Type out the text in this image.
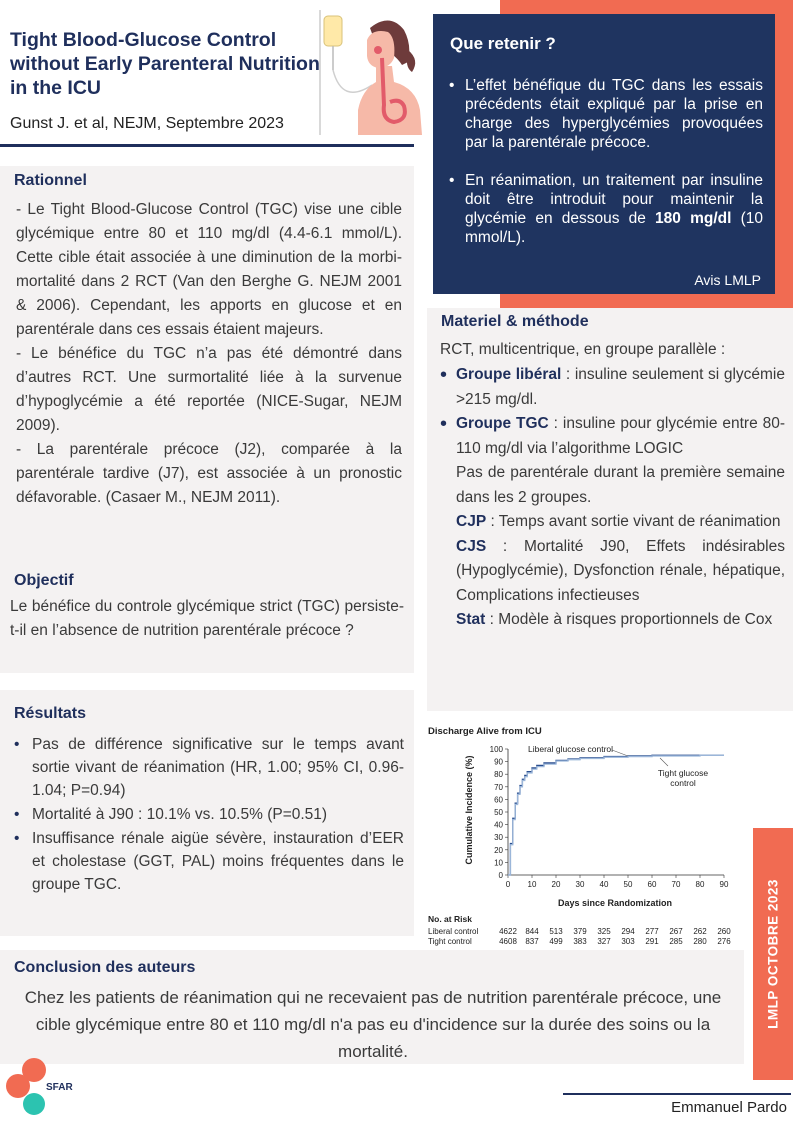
Tight Blood-Glucose Control without Early Parenteral Nutrition in the ICU
Gunst J. et al, NEJM, Septembre 2023
Que retenir ?
• L’effet bénéfique du TGC dans les essais précédents était expliqué par la prise en charge des hyperglycémies provoquées par la parentérale précoce.
• En réanimation, un traitement par insuline doit être introduit pour maintenir la glycémie en dessous de 180 mg/dl (10 mmol/L).
Avis LMLP
Rationnel
- Le Tight Blood-Glucose Control (TGC) vise une cible glycémique entre 80 et 110 mg/dl (4.4-6.1 mmol/L). Cette cible était associée à une diminution de la morbi-mortalité dans 2 RCT (Van den Berghe G. NEJM 2001 & 2006). Cependant, les apports en glucose et en parentérale dans ces essais étaient majeurs.
- Le bénéfice du TGC n’a pas été démontré dans d’autres RCT. Une surmortalité liée à la survenue d’hypoglycémie a été reportée (NICE-Sugar, NEJM 2009).
- La parentérale précoce (J2), comparée à la parentérale tardive (J7), est associée à un pronostic défavorable. (Casaer M., NEJM 2011).
Objectif
Le bénéfice du controle glycémique strict (TGC) persiste-t-il en l’absence de nutrition parentérale précoce ?
Materiel & méthode
RCT, multicentrique, en groupe parallèle :
• Groupe libéral : insuline seulement si glycémie >215 mg/dl.
• Groupe TGC : insuline pour glycémie entre 80-110 mg/dl via l’algorithme LOGIC
Pas de parentérale durant la première semaine dans les 2 groupes.
CJP : Temps avant sortie vivant de réanimation
CJS : Mortalité J90, Effets indésirables (Hypoglycémie), Dysfonction rénale, hépatique, Complications infectieuses
Stat : Modèle à risques proportionnels de Cox
Résultats
• Pas de différence significative sur le temps avant sortie vivant de réanimation (HR, 1.00; 95% CI, 0.96-1.04; P=0.94)
• Mortalité à J90 : 10.1% vs. 10.5% (P=0.51)
• Insuffisance rénale aigüe sévère, instauration d’EER et cholestase (GGT, PAL) moins fréquentes dans le groupe TGC.
Discharge Alive from ICU
Cumulative Incidence (%)
Days since Randomization
0 10 20 30 40 50 60 70 80 90
0
10
20
30
40
50
60
70
80
90
100	Liberal glucose control
Tight glucose
control
No. at Risk
Liberal control	4622 844 513 379 325 294 277 267 262 260
Tight control	4608 837 499 383 327 303 291 285 280 276
Conclusion des auteurs
Chez les patients de réanimation qui ne recevaient pas de nutrition parentérale précoce, une cible glycémique entre 80 et 110 mg/dl n'a pas eu d'incidence sur la durée des soins ou la mortalité.
LMLP OCTOBRE 2023
SFAR
Emmanuel Pardo
